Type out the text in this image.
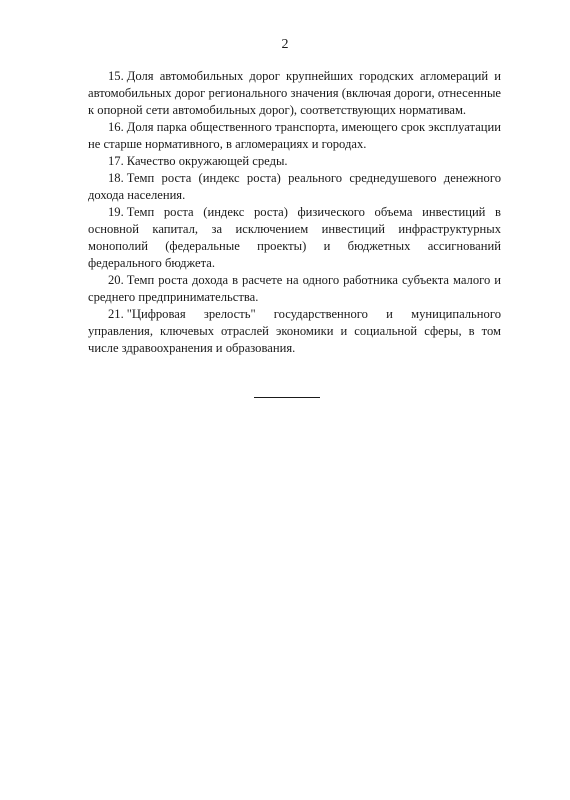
2

15. Доля автомобильных дорог крупнейших городских агломераций и автомобильных дорог регионального значения (включая дороги, отнесенные к опорной сети автомобильных дорог), соответствующих нормативам.

16. Доля парка общественного транспорта, имеющего срок эксплуатации не старше нормативного, в агломерациях и городах.

17. Качество окружающей среды.

18. Темп роста (индекс роста) реального среднедушевого денежного дохода населения.

19. Темп роста (индекс роста) физического объема инвестиций в основной капитал, за исключением инвестиций инфраструктурных монополий (федеральные проекты) и бюджетных ассигнований федерального бюджета.

20. Темп роста дохода в расчете на одного работника субъекта малого и среднего предпринимательства.

21. "Цифровая зрелость" государственного и муниципального управления, ключевых отраслей экономики и социальной сферы, в том числе здравоохранения и образования.
